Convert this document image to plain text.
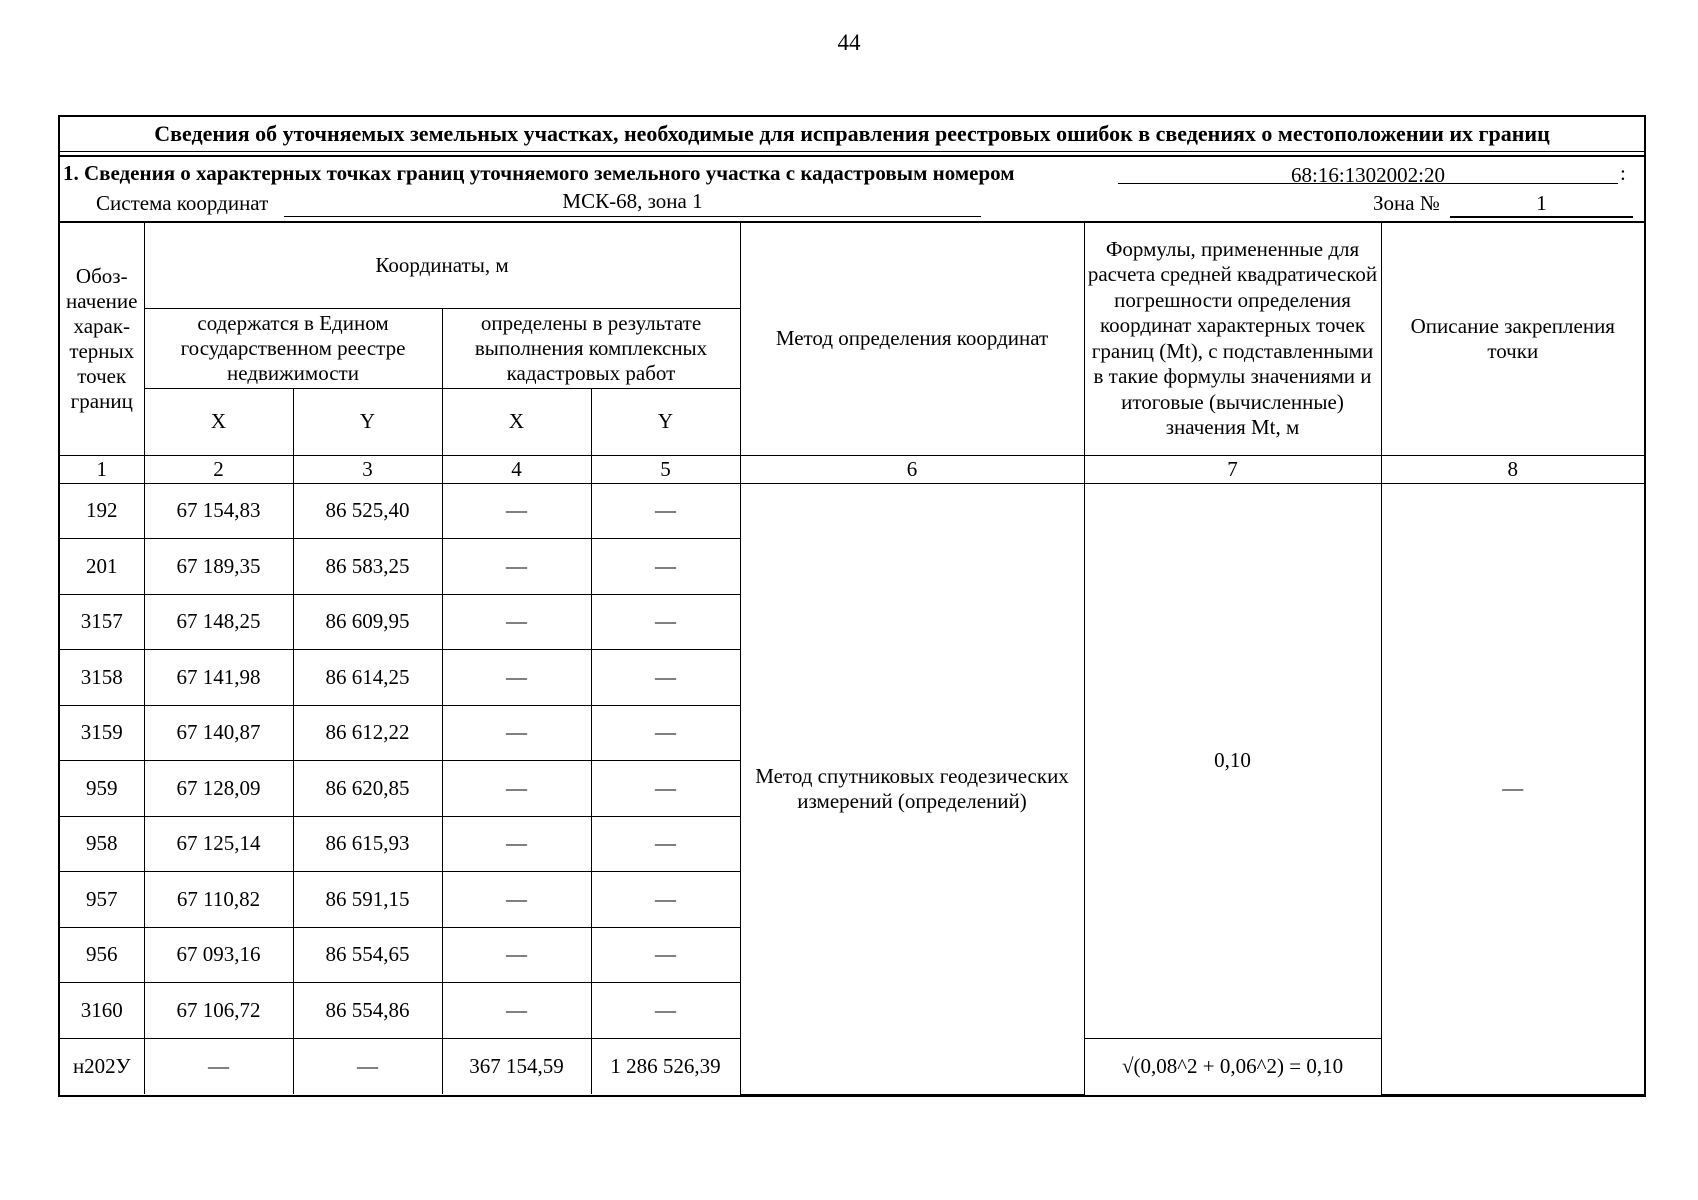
44
Сведения об уточняемых земельных участках, необходимые для исправления реестровых ошибок в сведениях о местоположении их границ
1. Сведения о характерных точках границ уточняемого земельного участка с кадастровым номером	68:16:1302002:20	:
Система координат	МСК-68, зона 1	Зона №	1
Обоз-начение харак-терных точек границ	Координаты, м				Метод определения координат	Формулы, примененные для расчета средней квадратической погрешности определения координат характерных точек границ (Mt), с подставленными в такие формулы значениями и итоговые (вычисленные) значения Mt, м	Описание закрепления точки
	содержатся в Едином государственном реестре недвижимости		определены в результате выполнения комплексных кадастровых работ				
	X	Y	X	Y			
1	2	3	4	5	6	7	8
192	67 154,83	86 525,40	—	—	Метод спутниковых геодезических измерений (определений)	0,10	—
201	67 189,35	86 583,25	—	—			
3157	67 148,25	86 609,95	—	—			
3158	67 141,98	86 614,25	—	—			
3159	67 140,87	86 612,22	—	—			
959	67 128,09	86 620,85	—	—			
958	67 125,14	86 615,93	—	—			
957	67 110,82	86 591,15	—	—			
956	67 093,16	86 554,65	—	—			
3160	67 106,72	86 554,86	—	—			
н202У	—	—	367 154,59	1 286 526,39		√(0,08^2 + 0,06^2) = 0,10	
